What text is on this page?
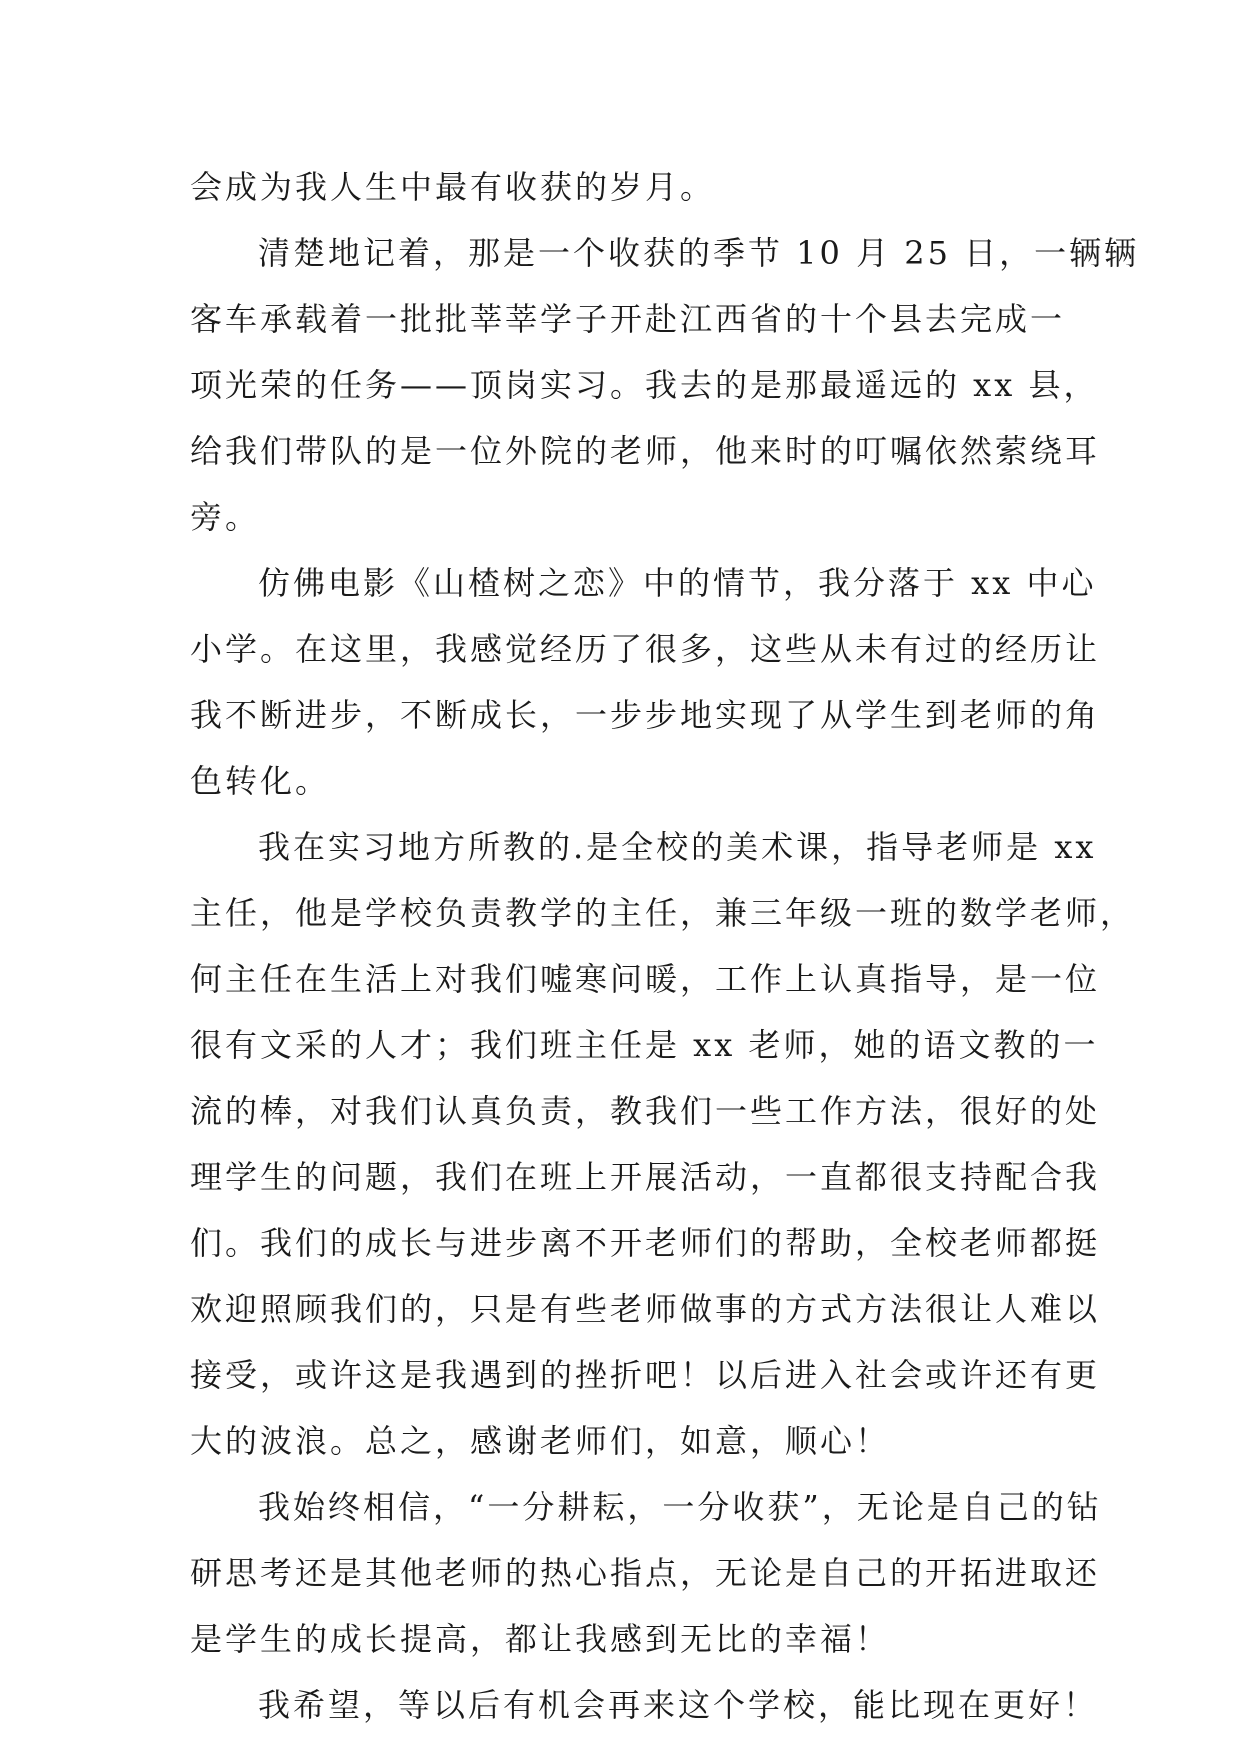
会成为我人生中最有收获的岁月。
清楚地记着，那是一个收获的季节 10 月 25 日，一辆辆
客车承载着一批批莘莘学子开赴江西省的十个县去完成一
项光荣的任务——顶岗实习。我去的是那最遥远的 xx 县，
给我们带队的是一位外院的老师，他来时的叮嘱依然萦绕耳
旁。
仿佛电影《山楂树之恋》中的情节，我分落于 xx 中心
小学。在这里，我感觉经历了很多，这些从未有过的经历让
我不断进步，不断成长，一步步地实现了从学生到老师的角
色转化。
我在实习地方所教的.是全校的美术课，指导老师是 xx
主任，他是学校负责教学的主任，兼三年级一班的数学老师，
何主任在生活上对我们嘘寒问暖，工作上认真指导，是一位
很有文采的人才；我们班主任是 xx 老师，她的语文教的一
流的棒，对我们认真负责，教我们一些工作方法，很好的处
理学生的问题，我们在班上开展活动，一直都很支持配合我
们。我们的成长与进步离不开老师们的帮助，全校老师都挺
欢迎照顾我们的，只是有些老师做事的方式方法很让人难以
接受，或许这是我遇到的挫折吧！以后进入社会或许还有更
大的波浪。总之，感谢老师们，如意，顺心！
我始终相信，“一分耕耘，一分收获”，无论是自己的钻
研思考还是其他老师的热心指点，无论是自己的开拓进取还
是学生的成长提高，都让我感到无比的幸福！
我希望，等以后有机会再来这个学校，能比现在更好！
